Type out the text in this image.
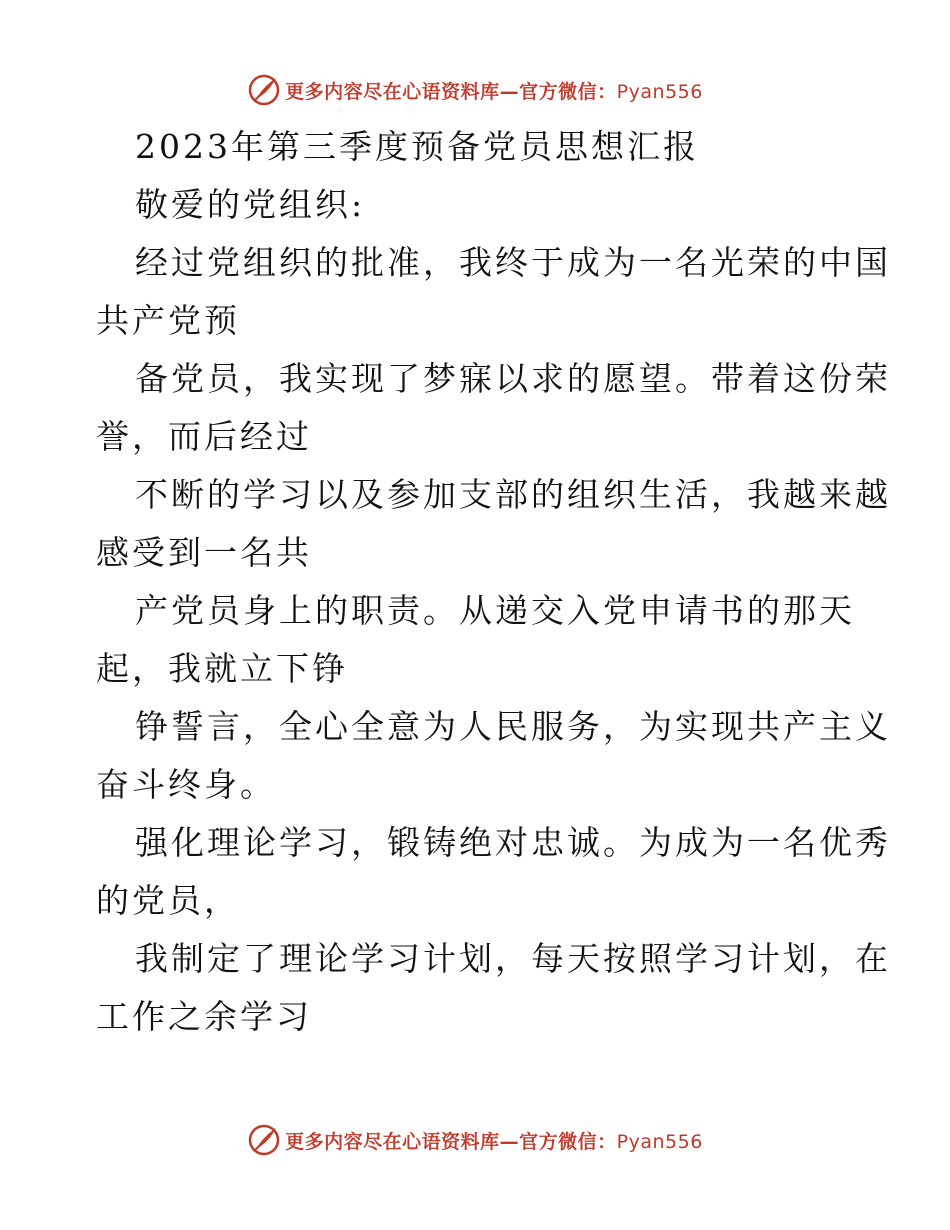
更多内容尽在心语资料库—官方微信：Pyan556
2023年第三季度预备党员思想汇报
敬爱的党组织:
经过党组织的批准，我终于成为一名光荣的中国
共产党预
备党员，我实现了梦寐以求的愿望。带着这份荣
誉，而后经过
不断的学习以及参加支部的组织生活，我越来越
感受到一名共
产党员身上的职责。从递交入党申请书的那天
起，我就立下铮
铮誓言，全心全意为人民服务，为实现共产主义
奋斗终身。
强化理论学习，锻铸绝对忠诚。为成为一名优秀
的党员，
我制定了理论学习计划，每天按照学习计划，在
工作之余学习
更多内容尽在心语资料库—官方微信：Pyan556
